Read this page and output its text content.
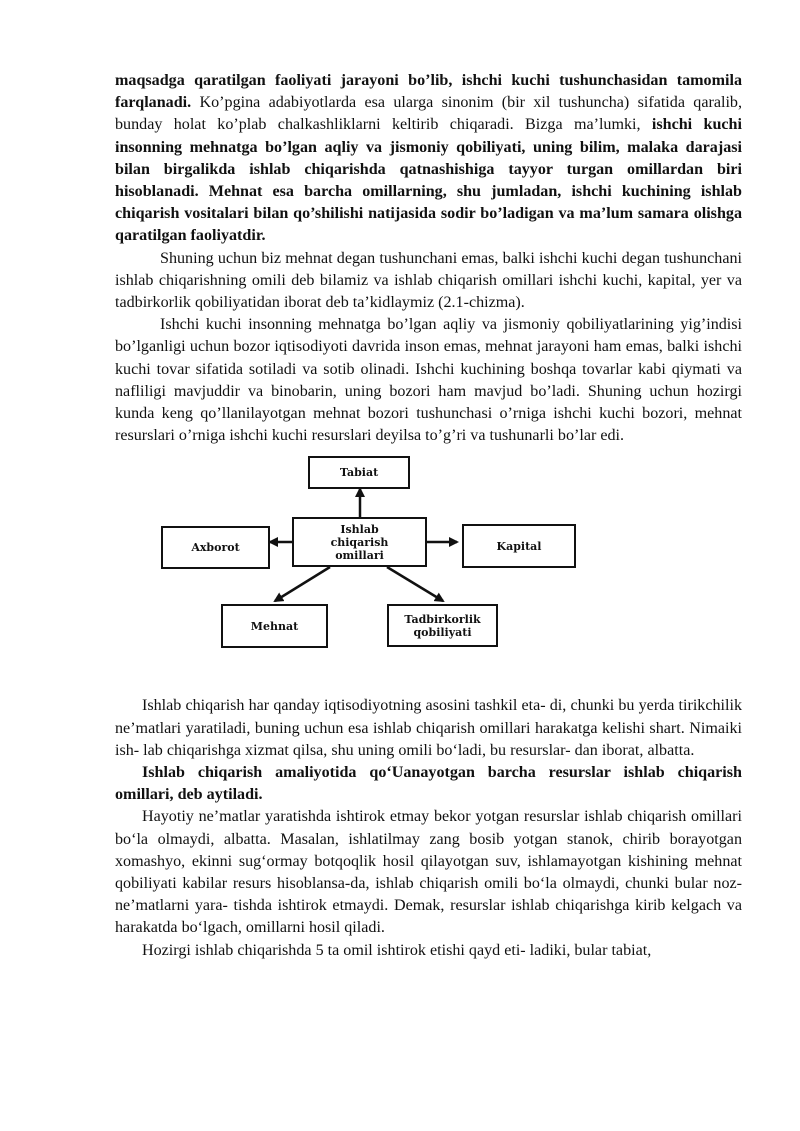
maqsadga qaratilgan faoliyati jarayoni bo’lib, ishchi kuchi tushunchasidan tamomila farqlanadi. Ko’pgina adabiyotlarda esa ularga sinonim (bir xil tushuncha) sifatida qaralib, bunday holat ko’plab chalkashliklarni keltirib chiqaradi. Bizga ma’lumki, ishchi kuchi insonning mehnatga bo’lgan aqliy va jismoniy qobiliyati, uning bilim, malaka darajasi bilan birgalikda ishlab chiqarishda qatnashishiga tayyor turgan omillardan biri hisoblanadi. Mehnat esa barcha omillarning, shu jumladan, ishchi kuchining ishlab chiqarish vositalari bilan qo’shilishi natijasida sodir bo’ladigan va ma’lum samara olishga qaratilgan faoliyatdir.

Shuning uchun biz mehnat degan tushunchani emas, balki ishchi kuchi degan tushunchani ishlab chiqarishning omili deb bilamiz va ishlab chiqarish omillari ishchi kuchi, kapital, yer va tadbirkorlik qobiliyatidan iborat deb ta’kidlaymiz (2.1-chizma).

Ishchi kuchi insonning mehnatga bo’lgan aqliy va jismoniy qobiliyatlarining yig’indisi bo’lganligi uchun bozor iqtisodiyoti davrida inson emas, mehnat jarayoni ham emas, balki ishchi kuchi tovar sifatida sotiladi va sotib olinadi. Ishchi kuchining boshqa tovarlar kabi qiymati va nafliligi mavjuddir va binobarin, uning bozori ham mavjud bo’ladi. Shuning uchun hozirgi kunda keng qo’llanilayotgan mehnat bozori tushunchasi o’rniga ishchi kuchi bozori, mehnat resurslari o’rniga ishchi kuchi resurslari deyilsa to’g’ri va tushunarli bo’lar edi.

Ishlab chiqarish omillari
Tabiat
Axborot	Kapital
Mehnat
Tadbirkorlik qobiliyati

Ishlab chiqarish har qanday iqtisodiyotning asosini tashkil eta- di, chunki bu yerda tirikchilik ne’matlari yaratiladi, buning uchun esa ishlab chiqarish omillari harakatga kelishi shart. Nimaiki ish- lab chiqarishga xizmat qilsa, shu uning omili bo‘ladi, bu resurslar- dan iborat, albatta.

Ishlab chiqarish amaliyotida qo‘Uanayotgan barcha resurslar ishlab chiqarish omillari, deb aytiladi.

Hayotiy ne’matlar yaratishda ishtirok etmay bekor yotgan resurslar ishlab chiqarish omillari bo‘la olmaydi, albatta. Masalan, ishlatilmay zang bosib yotgan stanok, chirib borayotgan xomashyo, ekinni sug‘ormay botqoqlik hosil qilayotgan suv, ishlamayotgan kishining mehnat qobiliyati kabilar resurs hisoblansa-da, ishlab chiqarish omili bo‘la olmaydi, chunki bular noz-ne’matlarni yara- tishda ishtirok etmaydi. Demak, resurslar ishlab chiqarishga kirib kelgach va harakatda bo‘lgach, omillarni hosil qiladi.

Hozirgi ishlab chiqarishda 5 ta omil ishtirok etishi qayd eti- ladiki, bular tabiat,
